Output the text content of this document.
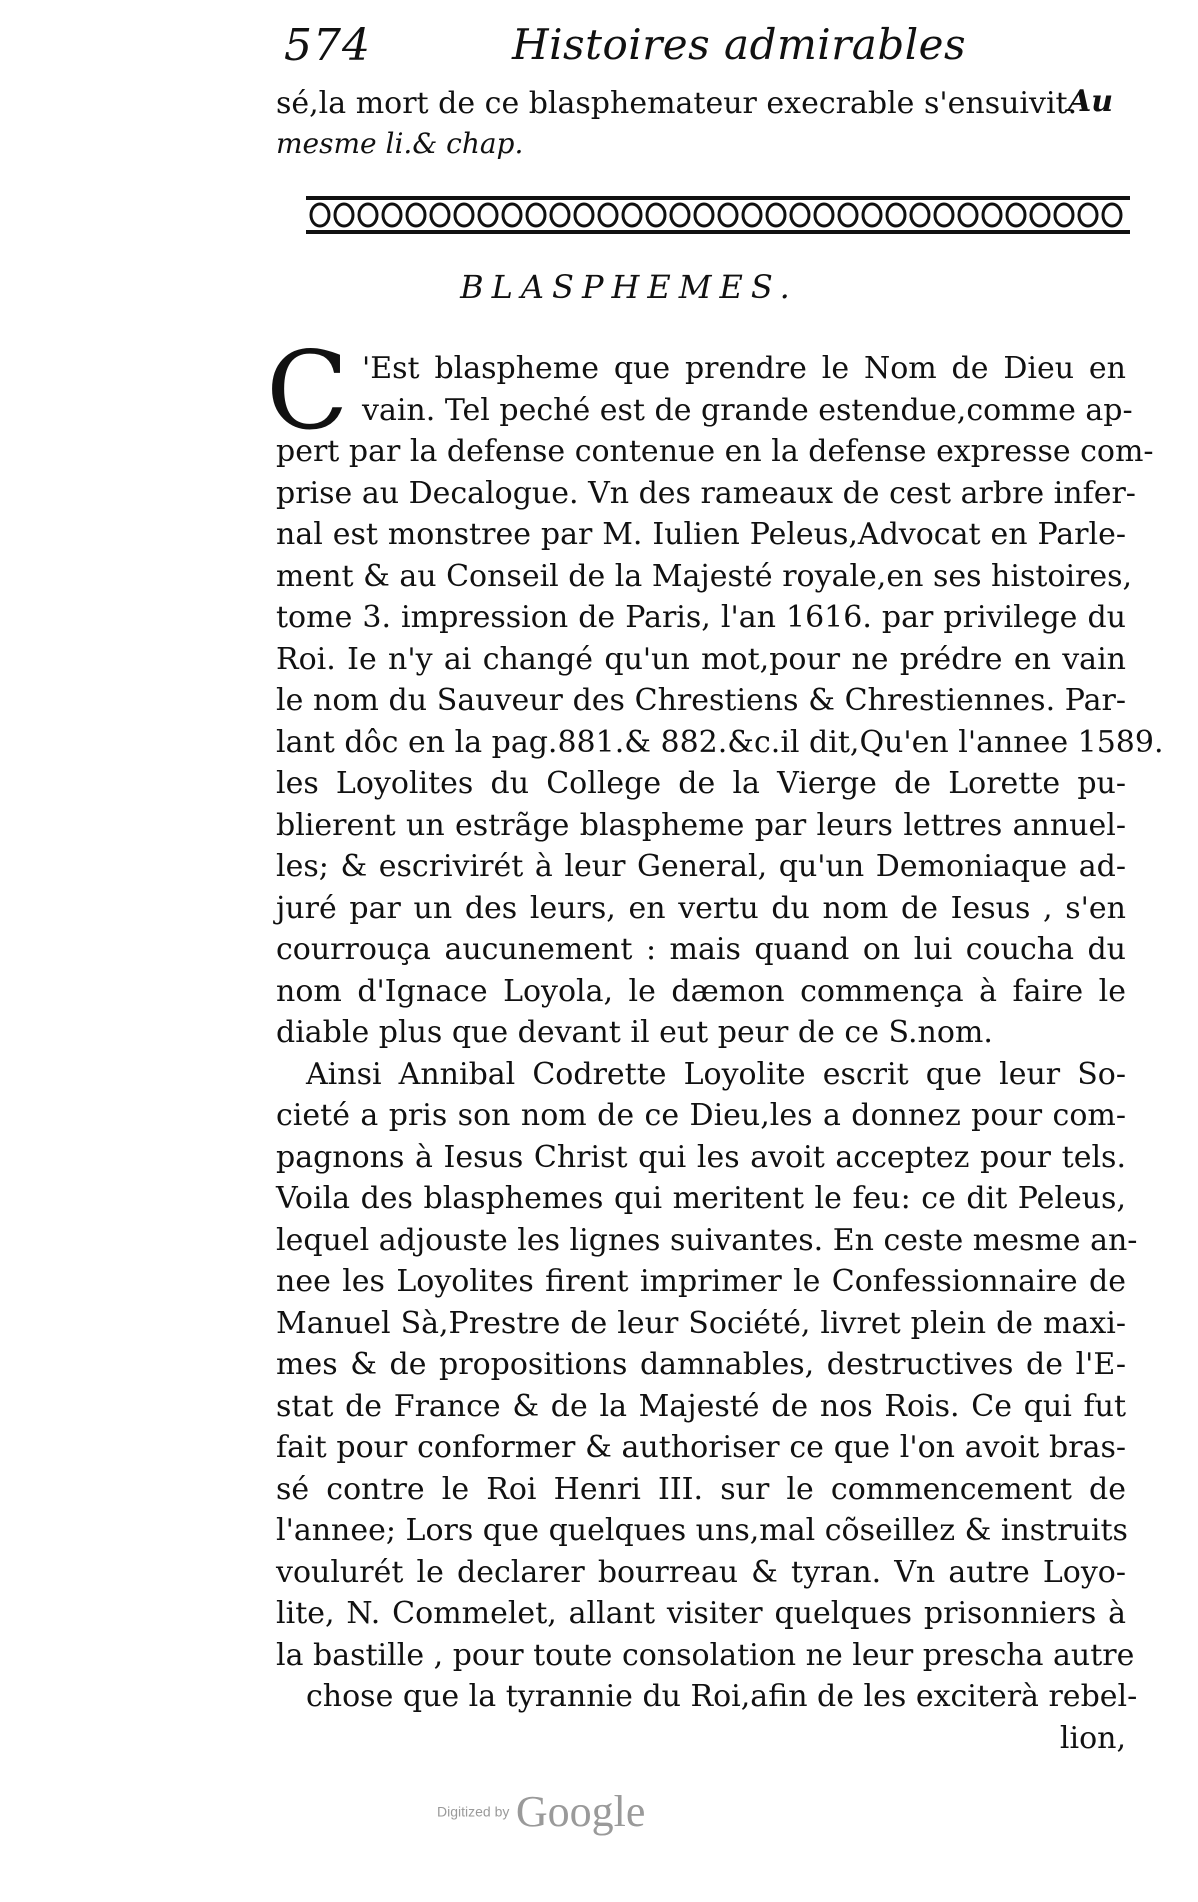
574	Histoires admirables
sé,la mort de ce blasphemateur execrable s'ensuivit.
Au
mesme li.& chap.
BLASPHEMES.
C 'Est blaspheme que prendre le Nom de Dieu en
vain. Tel peché est de grande estendue,comme ap-
pert par la defense contenue en la defense expresse com-
prise au Decalogue. Vn des rameaux de cest arbre infer-
nal est monstree par M. Iulien Peleus,Advocat en Parle-
ment & au Conseil de la Majesté royale,en ses histoires,
tome 3. impression de Paris, l'an 1616. par privilege du
Roi. Ie n'y ai changé qu'un mot,pour ne prédre en vain
le nom du Sauveur des Chrestiens & Chrestiennes. Par-
lant dôc en la pag.881.& 882.&c.il dit,Qu'en l'annee 1589.
les Loyolites du College de la Vierge de Lorette pu-
blierent un estrãge blaspheme par leurs lettres annuel-
les; & escrivirét à leur General, qu'un Demoniaque ad-
juré par un des leurs, en vertu du nom de Iesus , s'en
courrouça aucunement : mais quand on lui coucha du
nom d'Ignace Loyola, le dæmon commença à faire le
diable plus que devant il eut peur de ce S.nom.
Ainsi Annibal Codrette Loyolite escrit que leur So-
cieté a pris son nom de ce Dieu,les a donnez pour com-
pagnons à Iesus Christ qui les avoit acceptez pour tels.
Voila des blasphemes qui meritent le feu: ce dit Peleus,
lequel adjouste les lignes suivantes. En ceste mesme an-
nee les Loyolites firent imprimer le Confessionnaire de
Manuel Sà,Prestre de leur Société, livret plein de maxi-
mes & de propositions damnables, destructives de l'E-
stat de France & de la Majesté de nos Rois. Ce qui fut
fait pour conformer & authoriser ce que l'on avoit bras-
sé contre le Roi Henri III. sur le commencement de
l'annee; Lors que quelques uns,mal cõseillez & instruits
voulurét le declarer bourreau & tyran. Vn autre Loyo-
lite, N. Commelet, allant visiter quelques prisonniers à
la bastille , pour toute consolation ne leur prescha autre
chose que la tyrannie du Roi,afin de les exciterà rebel-
lion,
Digitized by Google
